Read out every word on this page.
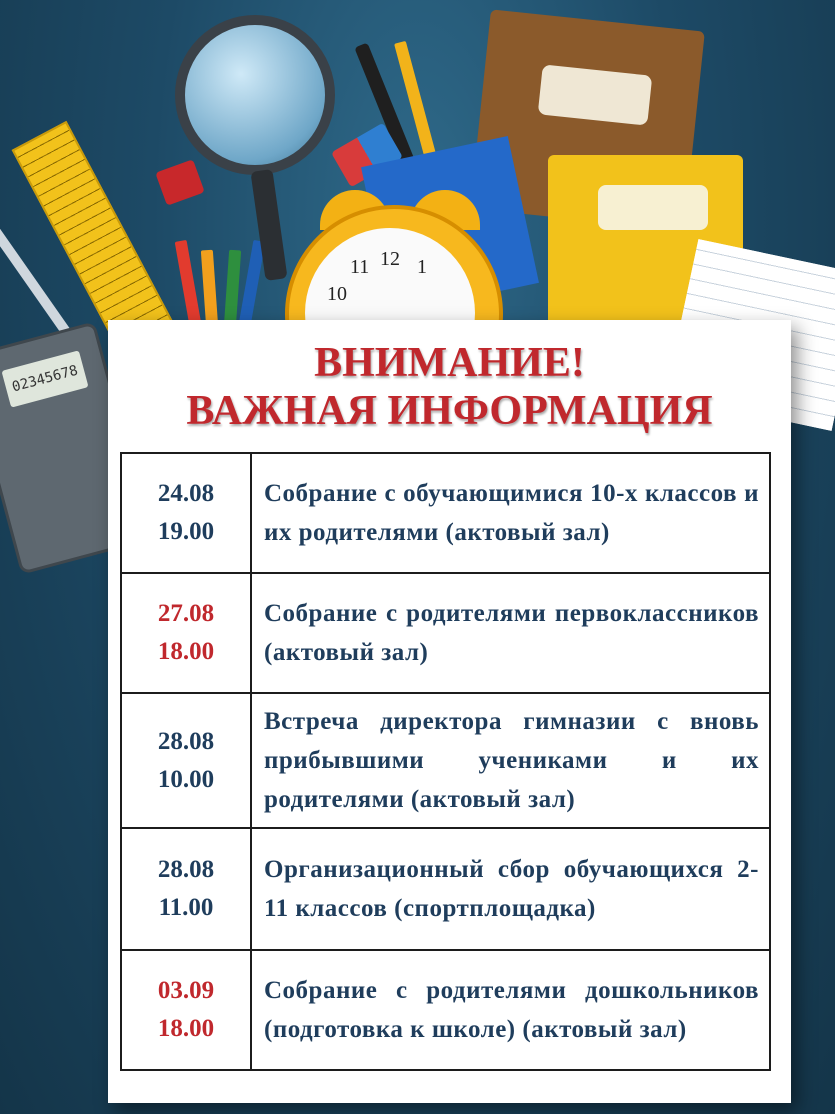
11 12 1
10
02345678	ВНИМАНИЕ!
ВАЖНАЯ ИНФОРМАЦИЯ
24.08
19.00	Собрание с обучающимися 10-х классов и их родителями (актовый зал)

27.08
18.00	Собрание с родителями первоклассников (актовый зал)

28.08
10.00	Встреча директора гимназии с вновь прибывшими учениками и их родителями (актовый зал)

28.08
11.00	Организационный сбор обучающихся 2-11 классов (спортплощадка)

03.09
18.00	Собрание с родителями дошкольников (подготовка к школе) (актовый зал)
